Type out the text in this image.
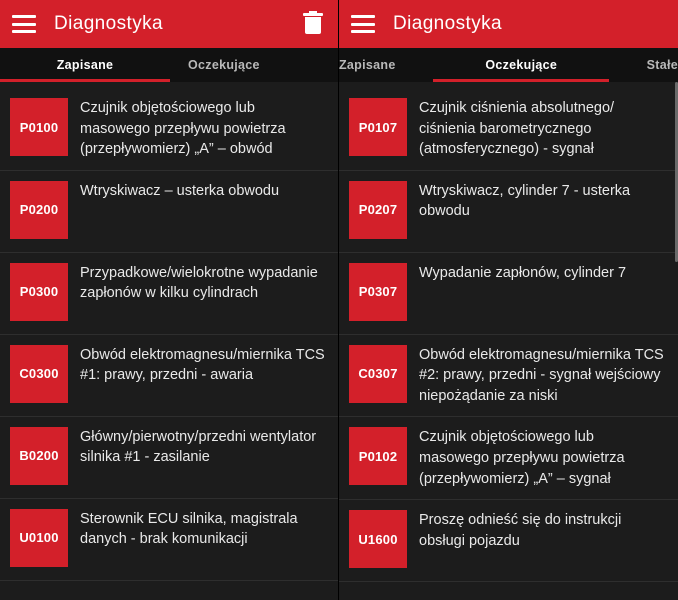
Diagnostyka
Zapisane	Oczekujące
P0100
Czujnik objętościowego lub masowego przepływu powietrza (przepływomierz) „A” – obwód
P0200
Wtryskiwacz – usterka obwodu
P0300
Przypadkowe/wielokrotne wypadanie zapłonów w kilku cylindrach
C0300
Obwód elektromagnesu/miernika TCS #1: prawy, przedni - awaria
B0200
Główny/pierwotny/przedni wentylator silnika #1 - zasilanie
U0100
Sterownik ECU silnika, magistrala danych - brak komunikacji
Diagnostyka
Zapisane	Oczekujące	Stałe
P0107
Czujnik ciśnienia absolutnego/ ciśnienia barometrycznego (atmosferycznego) - sygnał
P0207
Wtryskiwacz, cylinder 7 - usterka obwodu
P0307
Wypadanie zapłonów, cylinder 7
C0307
Obwód elektromagnesu/miernika TCS #2: prawy, przedni - sygnał wejściowy niepożądanie za niski
P0102
Czujnik objętościowego lub masowego przepływu powietrza (przepływomierz) „A” – sygnał
U1600
Proszę odnieść się do instrukcji obsługi pojazdu
